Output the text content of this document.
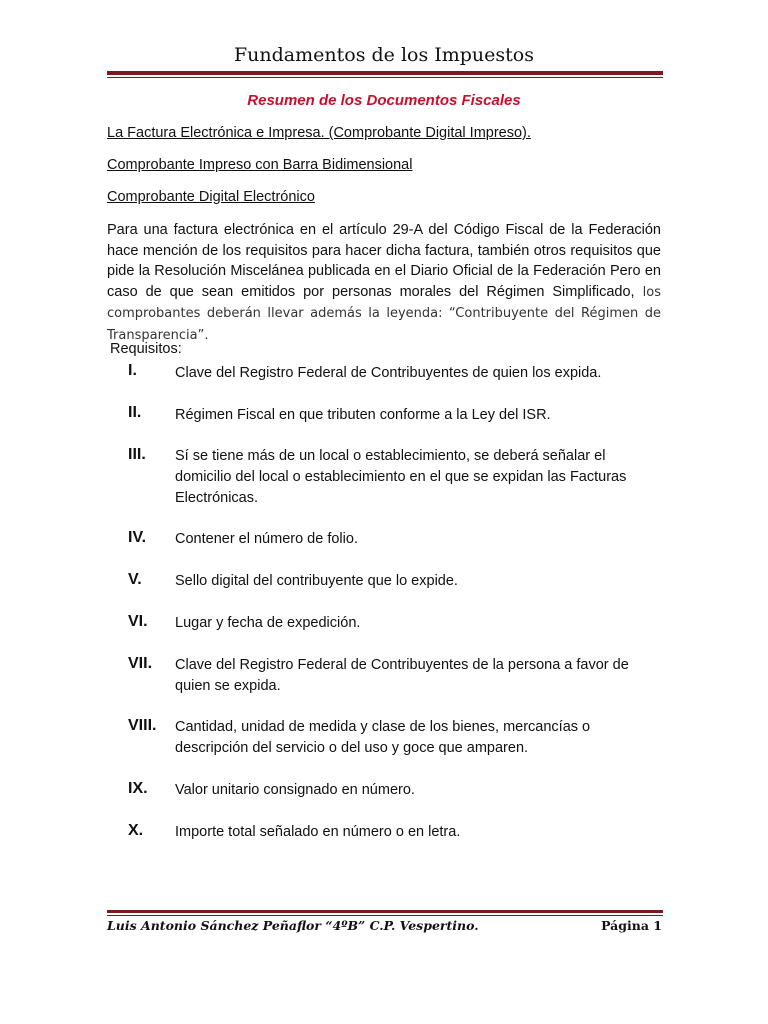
Fundamentos de los Impuestos
Resumen de los Documentos Fiscales
La Factura Electrónica e Impresa. (Comprobante Digital Impreso).
Comprobante Impreso con Barra Bidimensional
Comprobante Digital Electrónico
Para una factura electrónica en el artículo 29-A del Código Fiscal de la Federación hace mención de los requisitos para hacer dicha factura, también otros requisitos que pide la Resolución Miscelánea publicada en el Diario Oficial de la Federación Pero en caso de que sean emitidos por personas morales del Régimen Simplificado, los comprobantes deberán llevar además la leyenda: “Contribuyente del Régimen de Transparencia”.
Requisitos:
I.	Clave del Registro Federal de Contribuyentes de quien los expida.
II. Régimen Fiscal en que tributen conforme a la Ley del ISR.
III. Sí se tiene más de un local o establecimiento, se deberá señalar el domicilio del local o establecimiento en el que se expidan las Facturas Electrónicas.
IV. Contener el número de folio.
V. Sello digital del contribuyente que lo expide.
VI. Lugar y fecha de expedición.
VII. Clave del Registro Federal de Contribuyentes de la persona a favor de quien se expida.
VIII. Cantidad, unidad de medida y clase de los bienes, mercancías o descripción del servicio o del uso y goce que amparen.
IX. Valor unitario consignado en número.
X. Importe total señalado en número o en letra.
Luis Antonio Sánchez Peñaflor “4ºB” C.P. Vespertino.	Página 1
